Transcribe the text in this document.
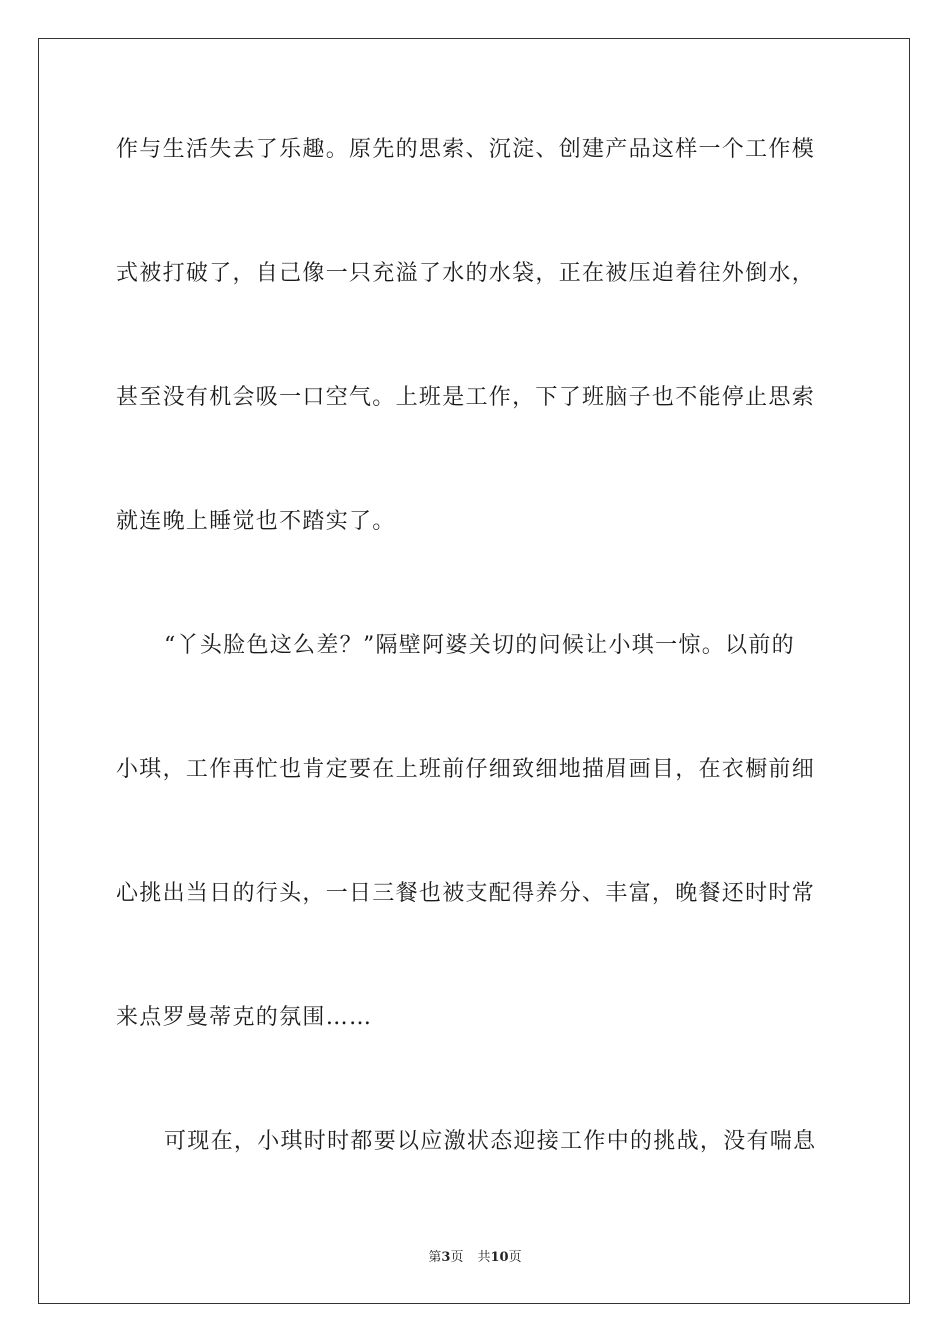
作与生活失去了乐趣。原先的思索、沉淀、创建产品这样一个工作模
式被打破了，自己像一只充溢了水的水袋，正在被压迫着往外倒水，
甚至没有机会吸一口空气。上班是工作，下了班脑子也不能停止思索
就连晚上睡觉也不踏实了。
“丫头脸色这么差？”隔壁阿婆关切的问候让小琪一惊。以前的
小琪，工作再忙也肯定要在上班前仔细致细地描眉画目，在衣橱前细
心挑出当日的行头，一日三餐也被支配得养分、丰富，晚餐还时时常
来点罗曼蒂克的氛围……
可现在，小琪时时都要以应激状态迎接工作中的挑战，没有喘息
第3页 共10页
